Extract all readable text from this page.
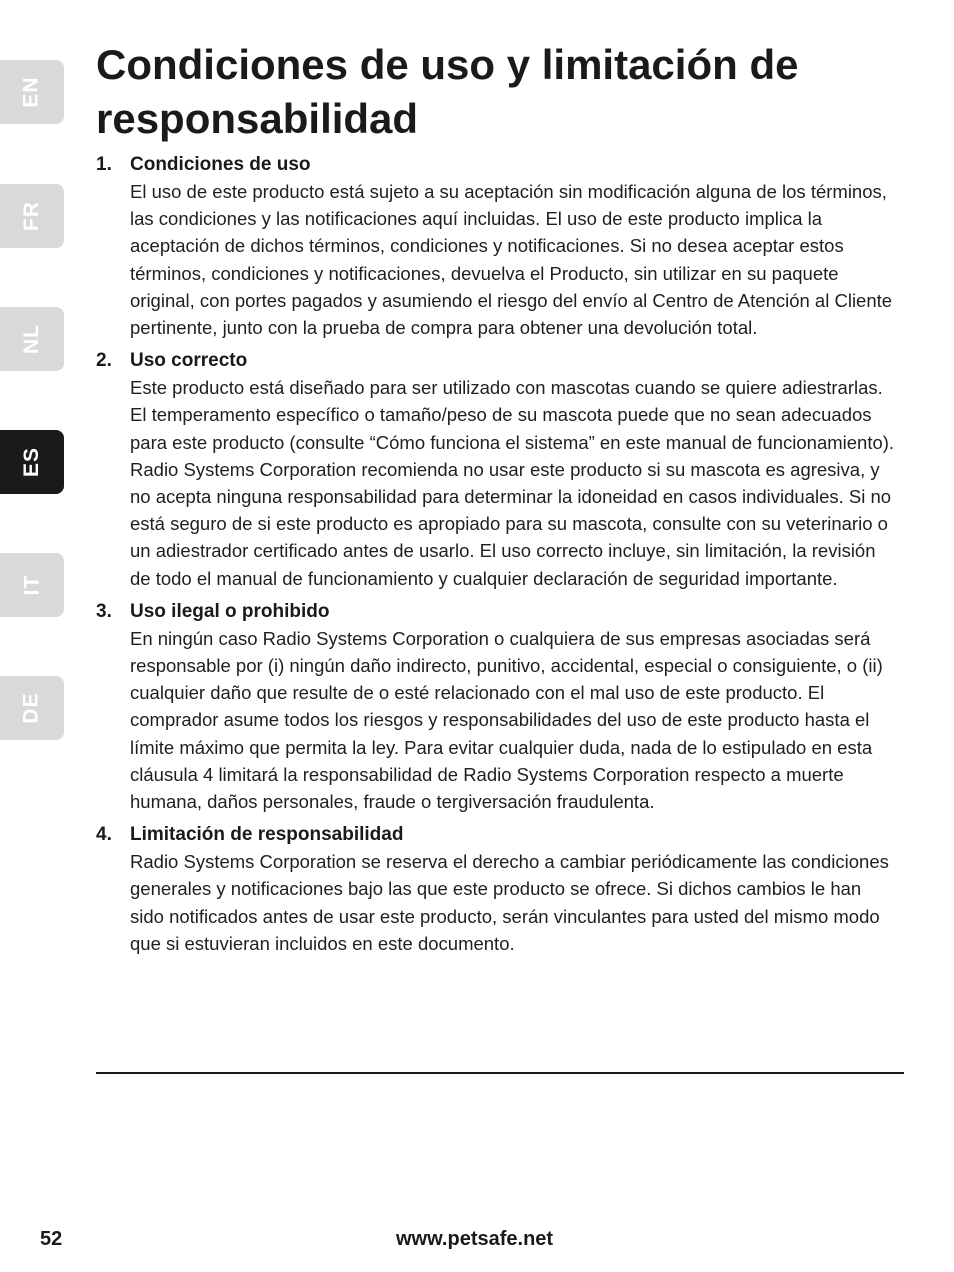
EN
FR
NL
ES
IT
DE
Condiciones de uso y limitación de responsabilidad
1. Condiciones de uso
El uso de este producto está sujeto a su aceptación sin modificación alguna de los términos, las condiciones y las notificaciones aquí incluidas. El uso de este producto implica la aceptación de dichos términos, condiciones y notificaciones. Si no desea aceptar estos términos, condiciones y notificaciones, devuelva el Producto, sin utilizar en su paquete original, con portes pagados y asumiendo el riesgo del envío al Centro de Atención al Cliente pertinente, junto con la prueba de compra para obtener una devolución total.
2. Uso correcto
Este producto está diseñado para ser utilizado con mascotas cuando se quiere adiestrarlas. El temperamento específico o tamaño/peso de su mascota puede que no sean adecuados para este producto (consulte “Cómo funciona el sistema” en este manual de funcionamiento). Radio Systems Corporation recomienda no usar este producto si su mascota es agresiva, y no acepta ninguna responsabilidad para determinar la idoneidad en casos individuales. Si no está seguro de si este producto es apropiado para su mascota, consulte con su veterinario o un adiestrador certificado antes de usarlo. El uso correcto incluye, sin limitación, la revisión de todo el manual de funcionamiento y cualquier declaración de seguridad importante.
3. Uso ilegal o prohibido
En ningún caso Radio Systems Corporation o cualquiera de sus empresas asociadas será responsable por (i) ningún daño indirecto, punitivo, accidental, especial o consiguiente, o (ii) cualquier daño que resulte de o esté relacionado con el mal uso de este producto. El comprador asume todos los riesgos y responsabilidades del uso de este producto hasta el límite máximo que permita la ley. Para evitar cualquier duda, nada de lo estipulado en esta cláusula 4 limitará la responsabilidad de Radio Systems Corporation respecto a muerte humana, daños personales, fraude o tergiversación fraudulenta.
4. Limitación de responsabilidad
Radio Systems Corporation se reserva el derecho a cambiar periódicamente las condiciones generales y notificaciones bajo las que este producto se ofrece. Si dichos cambios le han sido notificados antes de usar este producto, serán vinculantes para usted del mismo modo que si estuvieran incluidos en este documento.
52	www.petsafe.net
